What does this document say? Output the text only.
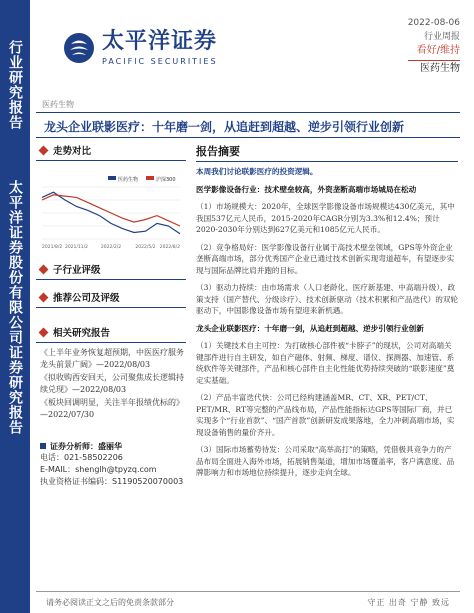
行业研究报告
太平洋证券股份有限公司证券研究报告
太平洋证券
PACIFIC SECURITIES
2022-08-06
行业周报
看好/维持
医药生物
医药生物
龙头企业联影医疗：十年磨一剑，从追赶到超越、逆步引领行业创新
走势对比
医药生物	沪深300
2021/8/2 2021/11/2	2022/2/2	2022/5/2 2022/8/2
子行业评级
推荐公司及评级
相关研究报告
《上半年业务恢复超预期，中医医疗服务龙头前景广阔》—2022/08/03
《拟收购西安回天，公司聚焦成长逻辑持续兑现》—2022/08/03
《板块回调明显，关注半年报绩优标的》—2022/07/30
证券分析师：盛丽华
电话：021-58502206
E-MAIL：shenglh@tpyzq.com
执业资格证书编码：S1190520070003
报告摘要

本周我们讨论联影医疗的投资逻辑。

医学影像设备行业：技术壁垒较高，外资垄断高端市场城局在松动

（1）市场规模大：2020年，全球医学影像设备市场规模达430亿美元，其中我国537亿元人民币，2015-2020年CAGR分别为3.3%和12.4%；预计2020-2030年分别达到627亿美元和1085亿元人民币。

（2）竞争格局好：医学影像设备行业属于高技术壁垒领域，GPS等外资企业垄断高端市场，部分优秀国产企业已通过技术创新实现弯道超车，有望逐步实现与国际品牌比肩并跑的目标。

（3）驱动力持续：由市场需求（人口老龄化、医疗新基建、中高端升级）、政策支持（国产替代、分级诊疗）、技术创新驱动（技术积累和产品迭代）的双轮驱动下，中国影像设备市场有望迎来新机遇。

龙头企业联影医疗：十年磨一剑，从追赶到超越、逆步引领行业创新

（1）关键技术自主可控：为打破核心部件被“卡脖子”的现状，公司对高端关键部件进行自主研发，如自产磁体、射频、梯度、谱仪、探测器、加速管、系统软件等关键部件，产品和核心部件自主化性能优势持续突破的“联影速度”奠定实基础。

（2）产品丰富迭代快：公司已经构建涵盖MR、CT、XR、PET/CT、PET/MR、RT等完整的产品线布局，产品性能指标达GPS等国际厂商，并已实现多个“行业首款”、“国产首款”创新研发成果落地，全力冲刺高端市场，实现设备销售的量价齐升。

（3）国际市场蓄势待发：公司采取“高举高打”的策略，凭借极具竞争力的产品布局全面进入海外市场，拓展销售渠道，增加市场覆盖率，客户满意度、品牌影响力和市场地位持续提升，逐步走向全球。

请务必阅读正文之后的免责条款部分	守正 出奇 宁静 致远
